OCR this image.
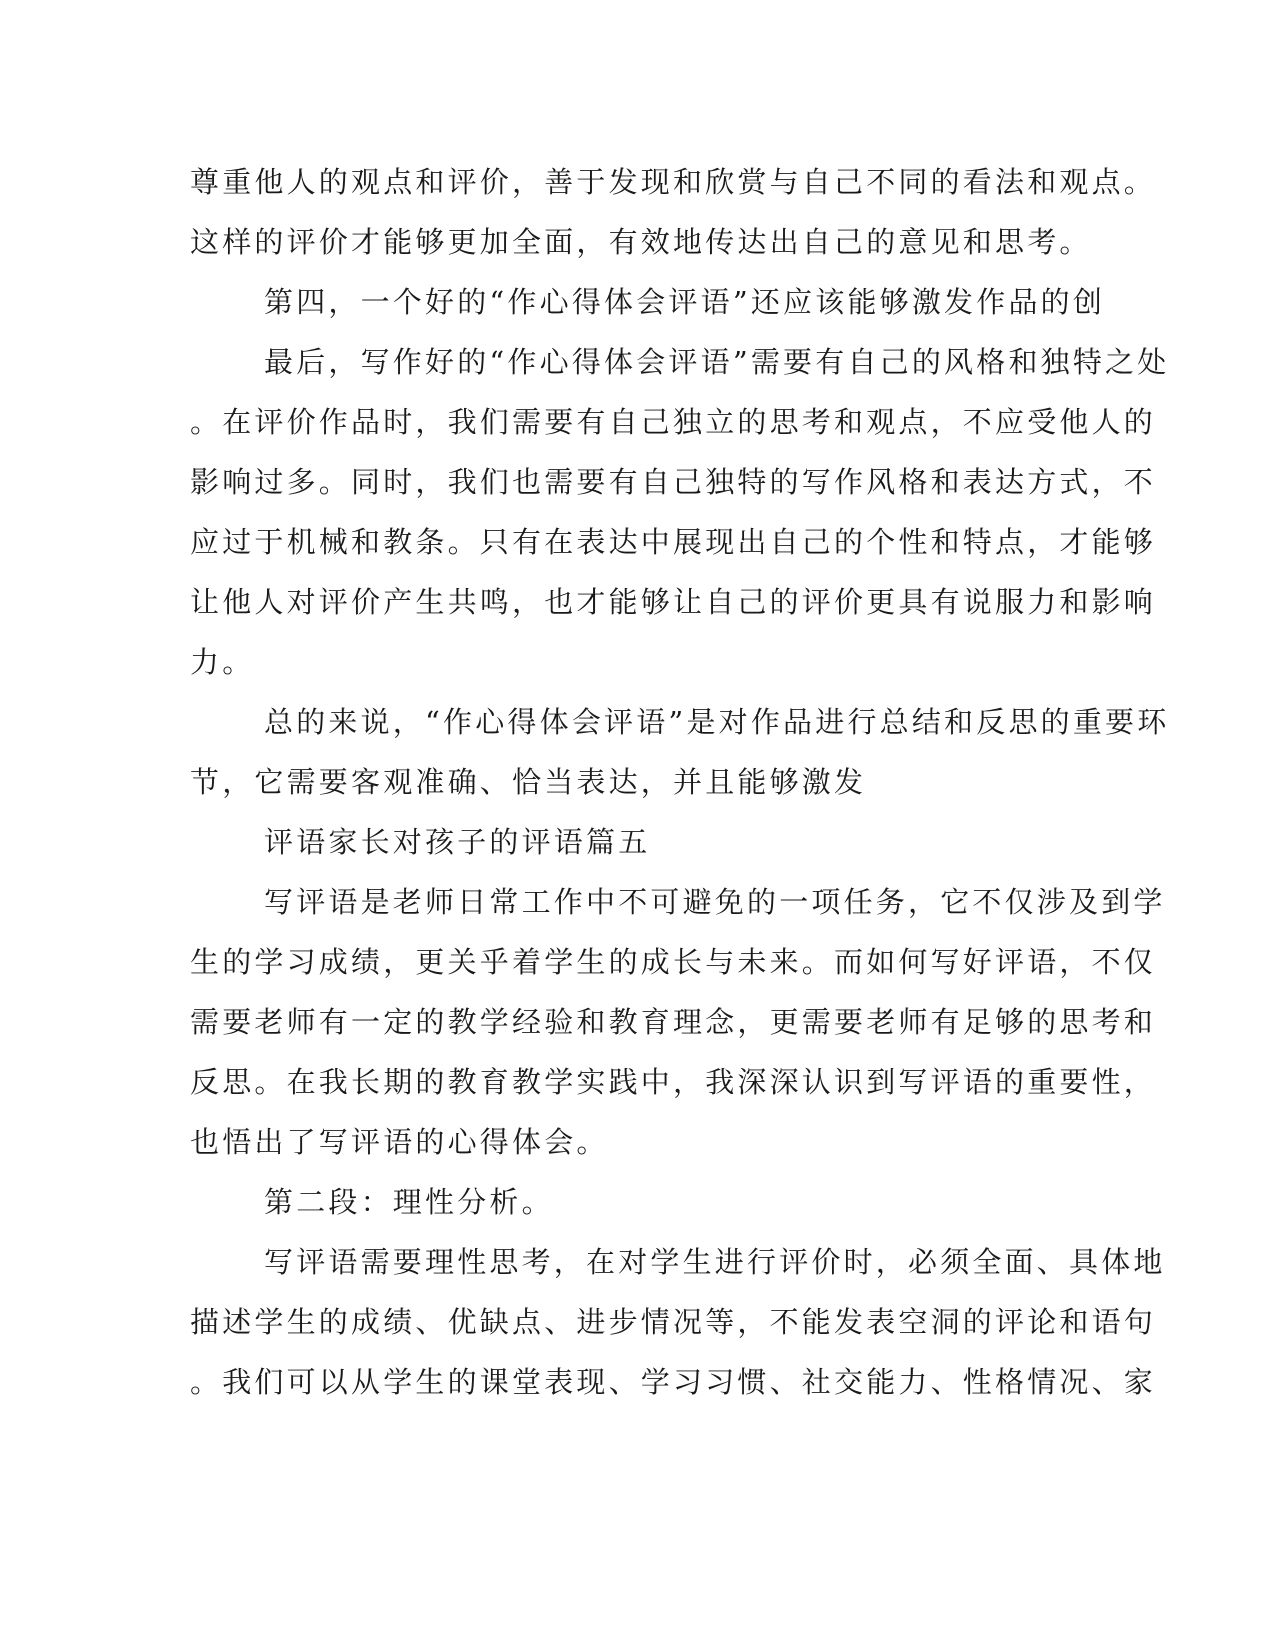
尊重他人的观点和评价，善于发现和欣赏与自己不同的看法和观点。
这样的评价才能够更加全面，有效地传达出自己的意见和思考。
第四，一个好的“作心得体会评语”还应该能够激发作品的创
最后，写作好的“作心得体会评语”需要有自己的风格和独特之处
。在评价作品时，我们需要有自己独立的思考和观点，不应受他人的
影响过多。同时，我们也需要有自己独特的写作风格和表达方式，不
应过于机械和教条。只有在表达中展现出自己的个性和特点，才能够
让他人对评价产生共鸣，也才能够让自己的评价更具有说服力和影响
力。
总的来说，“作心得体会评语”是对作品进行总结和反思的重要环
节，它需要客观准确、恰当表达，并且能够激发
评语家长对孩子的评语篇五
写评语是老师日常工作中不可避免的一项任务，它不仅涉及到学
生的学习成绩，更关乎着学生的成长与未来。而如何写好评语，不仅
需要老师有一定的教学经验和教育理念，更需要老师有足够的思考和
反思。在我长期的教育教学实践中，我深深认识到写评语的重要性，
也悟出了写评语的心得体会。
第二段：理性分析。
写评语需要理性思考，在对学生进行评价时，必须全面、具体地
描述学生的成绩、优缺点、进步情况等，不能发表空洞的评论和语句
。我们可以从学生的课堂表现、学习习惯、社交能力、性格情况、家
